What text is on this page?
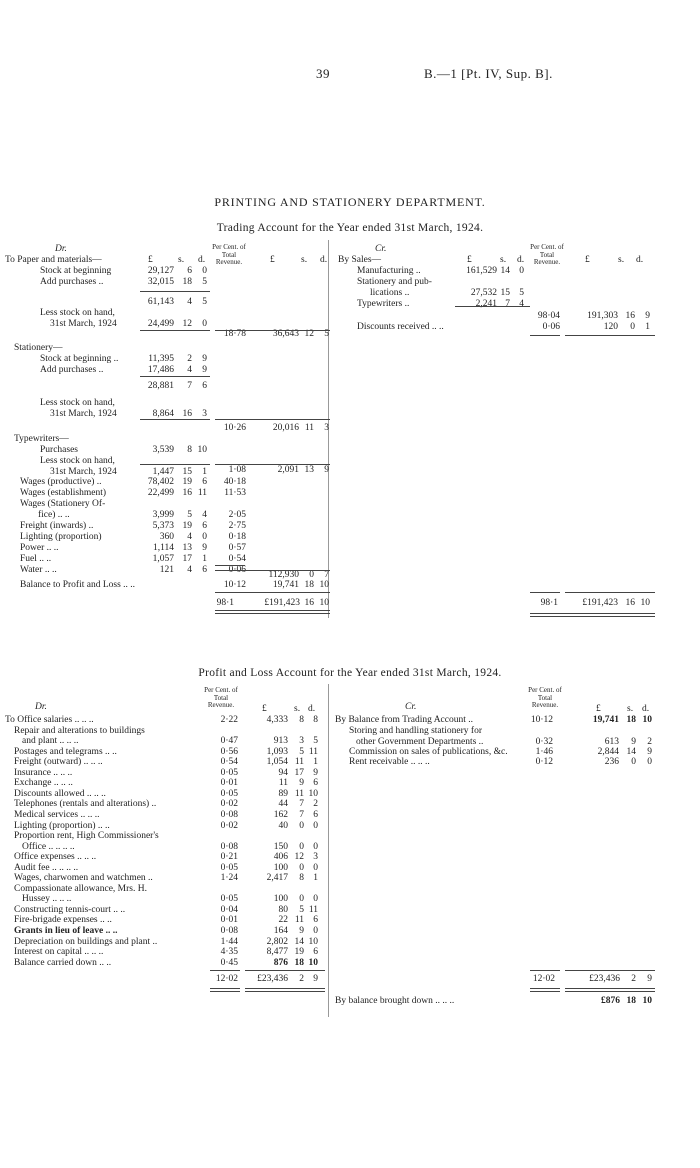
39	B.—1 [Pt. IV, Sup. B].
PRINTING AND STATIONERY DEPARTMENT.
Trading Account for the Year ended 31st March, 1924.
Dr.	Cr.
Per Cent. of Total Revenue.
Per Cent. of Total Revenue.
£	s. d.	£	s. d.	£	s. d.	£	s. d.
To Paper and materials—
Stock at beginning	29,127	6	0
Add purchases ..	32,015 18	5
61,143	4	5
Less stock on hand,
31st March, 1924	24,499 12	0
18·78	36,643 12	5
Stationery—
Stock at beginning ..	11,395	2	9
Add purchases ..	17,486	4	9
28,881	7	6
Less stock on hand,
31st March, 1924	8,864 16	3
10·26	20,016 11	3
Typewriters—
Purchases	3,539	8 10
Less stock on hand,
31st March, 1924	1,447 15	1	1·08	2,091 13	9
Wages (productive) ..	78,402 19	6	40·18
Wages (establishment)	22,499 16 11	11·53
Wages (Stationery Of-
fice) .. ..	3,999	5	4	2·05
Freight (inwards) ..	5,373 19	6	2·75
Lighting (proportion)	360	4	0	0·18
Power .. ..	1,114 13	9	0·57
Fuel .. ..	1,057 17	1	0·54
Water .. ..	121	4	6	0·06	112,930	0	7
Balance to Profit and Loss .. ..	10·12	19,741 18 10
98·1	£191,423 16 10
By Sales—
Manufacturing ..	161,529 14 0
Stationery and pub-
lications ..	27,532 15 5
Typewriters ..	2,241 7 4
98·04	191,303 16	9
Discounts received .. ..	0·06	120	0	1
98·1	£191,423 16 10
Profit and Loss Account for the Year ended 31st March, 1924.
Dr.	Cr.
Per Cent. of Total Revenue.
Per Cent. of Total Revenue.
£	s. d.	£	s. d.
To Office salaries .. .. ..	2·22	4,333	8 8
Repair and alterations to buildings
and plant .. .. ..	0·47	913	3 5
Postages and telegrams .. ..	0·56	1,093	5 11
Freight (outward) .. .. ..	0·54	1,054 11 1
Insurance .. .. ..	0·05	94 17 9
Exchange .. .. ..	0·01	11	9 6
Discounts allowed .. .. ..	0·05	89 11 10
Telephones (rentals and alterations) ..	0·02	44	7 2
Medical services .. .. ..	0·08	162	7 6
Lighting (proportion) .. ..	0·02	40	0 0
Proportion rent, High Commissioner's
Office .. .. .. ..	0·08	150	0 0
Office expenses .. .. ..	0·21	406 12 3
Audit fee .. .. .. ..	0·05	100	0 0
Wages, charwomen and watchmen ..	1·24	2,417	8 1
Compassionate allowance, Mrs. H.
Hussey .. .. ..	0·05	100	0 0
Constructing tennis-court .. ..	0·04	80	5 11
Fire-brigade expenses .. ..	0·01	22 11 6
Grants in lieu of leave .. ..	0·08	164	9 0
Depreciation on buildings and plant ..	1·44	2,802 14 10
Interest on capital .. .. ..	4·35	8,477 19 6
Balance carried down .. ..	0·45	876 18 10
12·02	£23,436	2 9
By Balance from Trading Account ..	10·12	19,741 18 10
Storing and handling stationery for
other Government Departments ..	0·32	613	9	2
Commission on sales of publications, &c.	1·46	2,844 14	9
Rent receivable .. .. ..	0·12	236	0	0
12·02	£23,436	2	9
By balance brought down .. .. ..	£876 18 10
